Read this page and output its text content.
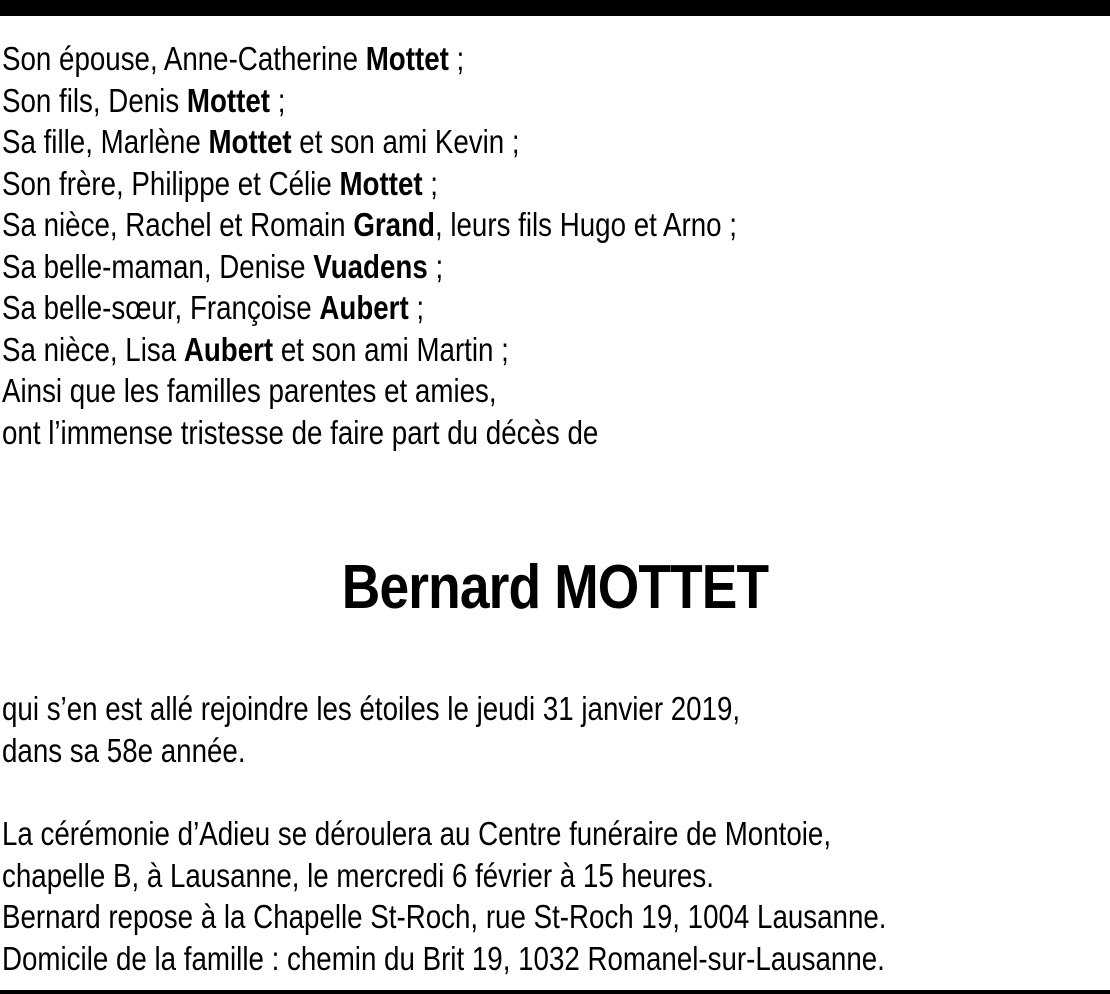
Son épouse, Anne-Catherine Mottet ;
Son fils, Denis Mottet ;
Sa fille, Marlène Mottet et son ami Kevin ;
Son frère, Philippe et Célie Mottet ;
Sa nièce, Rachel et Romain Grand, leurs fils Hugo et Arno ;
Sa belle-maman, Denise Vuadens ;
Sa belle-sœur, Françoise Aubert ;
Sa nièce, Lisa Aubert et son ami Martin ;
Ainsi que les familles parentes et amies,
ont l’immense tristesse de faire part du décès de
Bernard MOTTET
qui s’en est allé rejoindre les étoiles le jeudi 31 janvier 2019,
dans sa 58e année.
La cérémonie d’Adieu se déroulera au Centre funéraire de Montoie,
chapelle B, à Lausanne, le mercredi 6 février à 15 heures.
Bernard repose à la Chapelle St-Roch, rue St-Roch 19, 1004 Lausanne.
Domicile de la famille : chemin du Brit 19, 1032 Romanel-sur-Lausanne.
